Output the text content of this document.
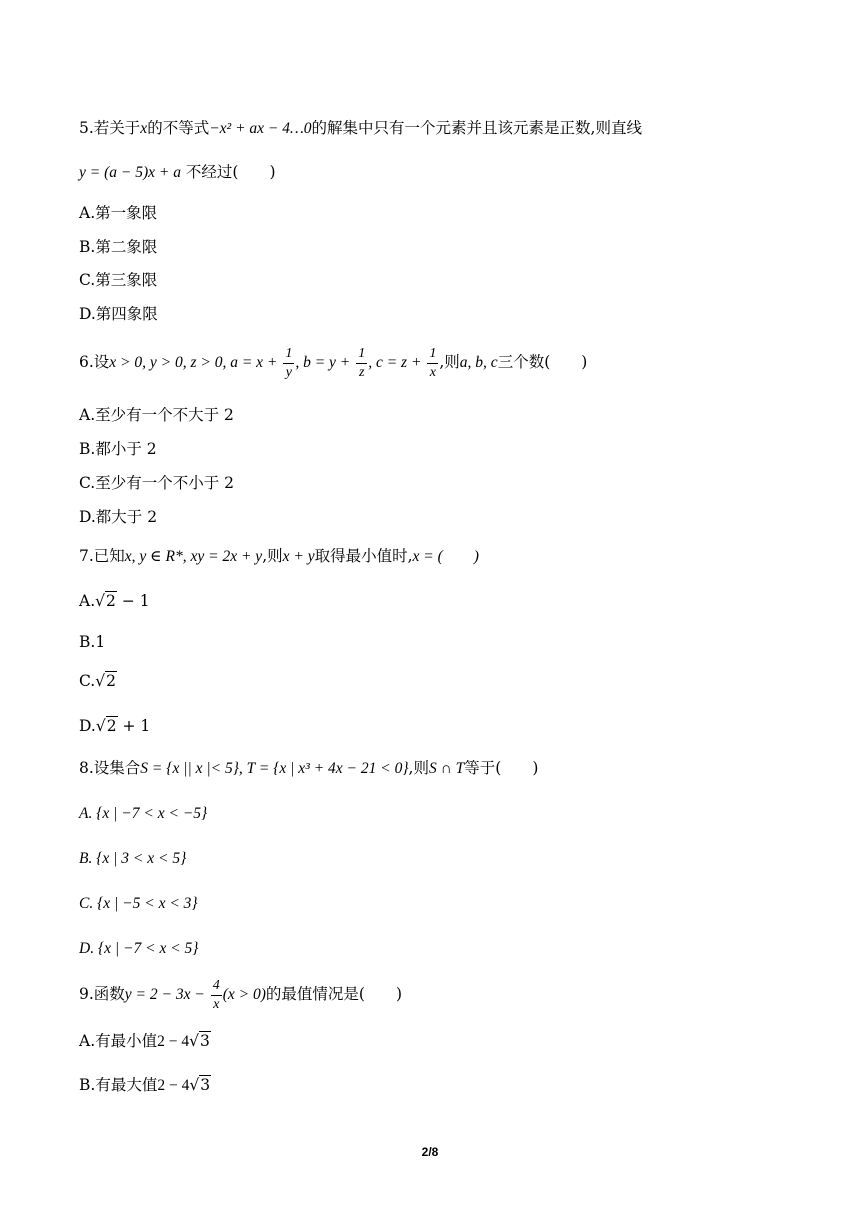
5.若关于x的不等式−x² + ax − 4…0的解集中只有一个元素并且该元素是正数,则直线
y = (a − 5)x + a 不经过(　　)
A.第一象限
B.第二象限
C.第三象限
D.第四象限
6.设x > 0, y > 0, z > 0, $a = x + \frac{1}{y}$ , $b = y + \frac{1}{z}$ , $c = z + \frac{1}{x}$ ,则a, b, c三个数(　　)
A.至少有一个不大于 2
B.都小于 2
C.至少有一个不小于 2
D.都大于 2
7.已知x, y ∈ R*, xy = 2x + y,则x + y取得最小值时,x = (　　)
A.√2 − 1
B.1
C.√2
D.√2 + 1
8.设集合S = {x || x |< 5}, T = {x | x³ + 4x − 21 < 0},则S ∩ T等于(　　)
A. {x | −7 < x < −5}
B. {x | 3 < x < 5}
C. {x | −5 < x < 3}
D. {x | −7 < x < 5}
9.函数$y = 2 - 3x - \frac{4}{x} (x > 0)$的最值情况是(　　)
A.有最小值2 − 4√3
B.有最大值2 − 4√3
2/8
